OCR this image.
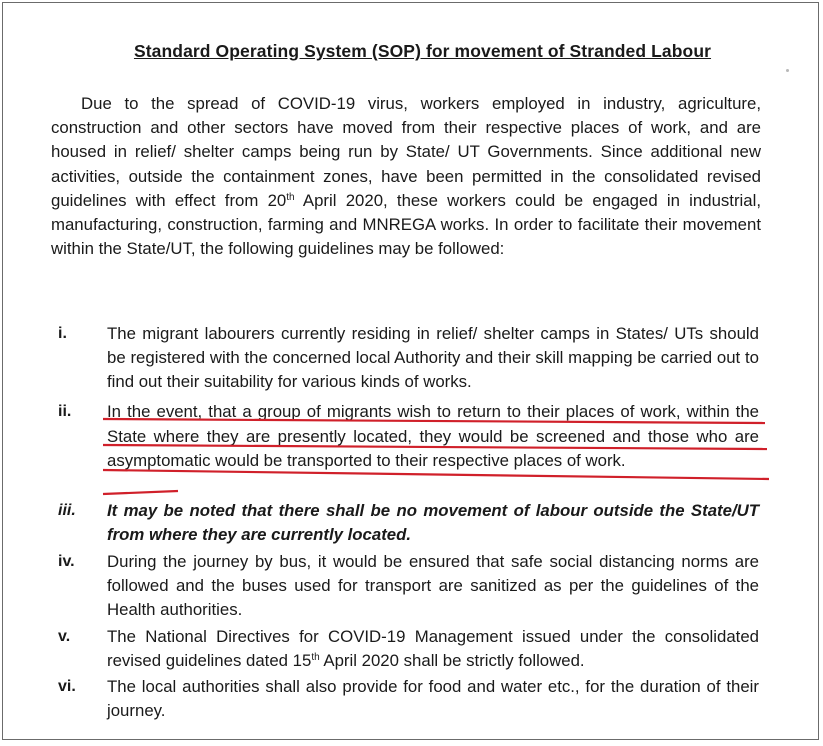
Standard Operating System (SOP) for movement of Stranded Labour

Due to the spread of COVID-19 virus, workers employed in industry, agriculture, construction and other sectors have moved from their respective places of work, and are housed in relief/ shelter camps being run by State/ UT Governments. Since additional new activities, outside the containment zones, have been permitted in the consolidated revised guidelines with effect from 20th April 2020, these workers could be engaged in industrial, manufacturing, construction, farming and MNREGA works. In order to facilitate their movement within the State/UT, the following guidelines may be followed:

i.	The migrant labourers currently residing in relief/ shelter camps in States/ UTs should be registered with the concerned local Authority and their skill mapping be carried out to find out their suitability for various kinds of works.
ii.	In the event, that a group of migrants wish to return to their places of work, within the State where they are presently located, they would be screened and those who are asymptomatic would be transported to their respective places of work.
iii.	It may be noted that there shall be no movement of labour outside the State/UT from where they are currently located.
iv.	During the journey by bus, it would be ensured that safe social distancing norms are followed and the buses used for transport are sanitized as per the guidelines of the Health authorities.
v.	The National Directives for COVID-19 Management issued under the consolidated revised guidelines dated 15th April 2020 shall be strictly followed.
vi.	The local authorities shall also provide for food and water etc., for the duration of their journey.
